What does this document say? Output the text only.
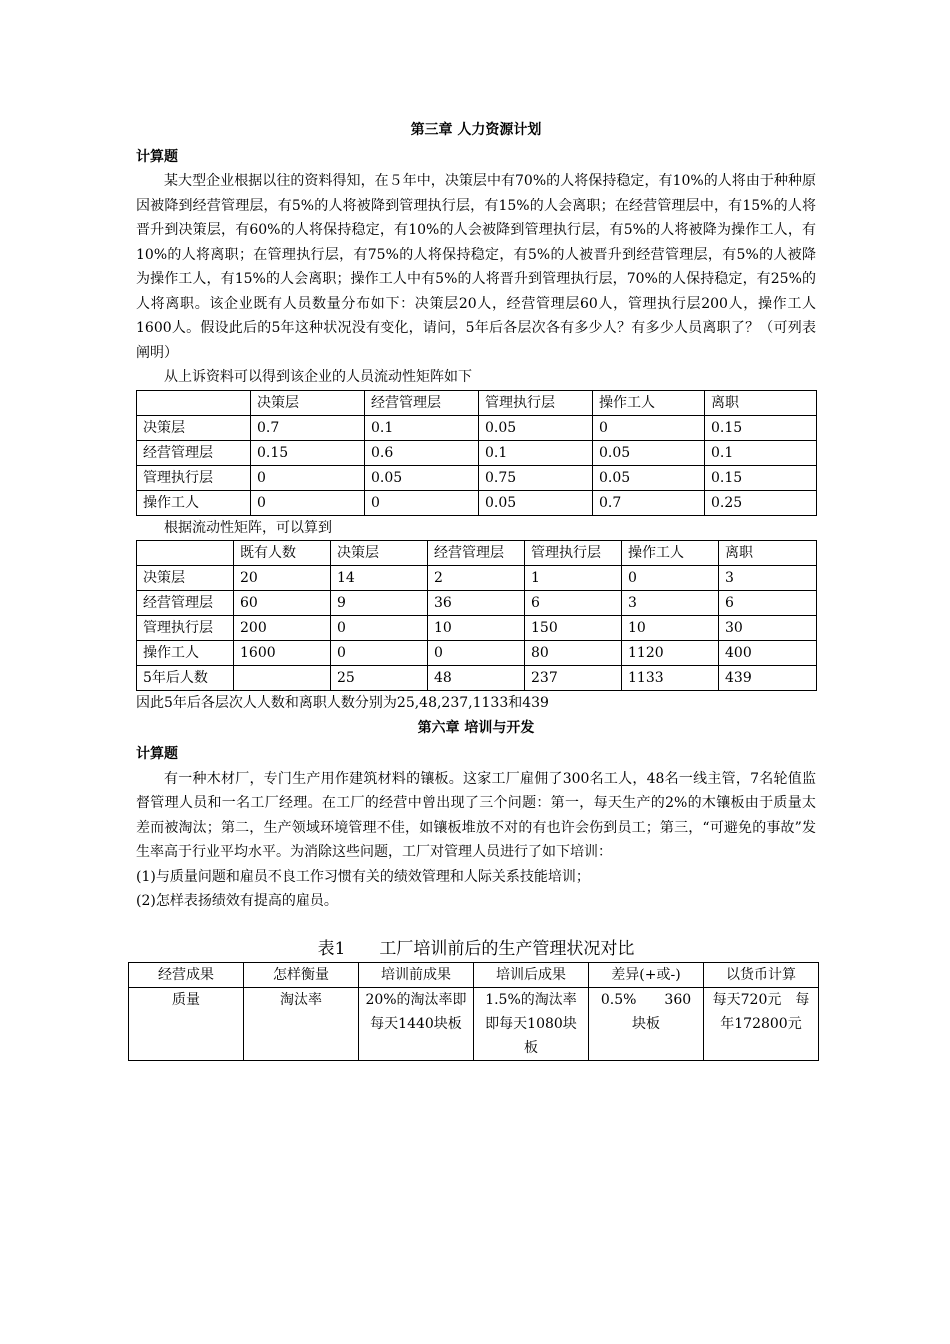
第三章 人力资源计划

计算题

某大型企业根据以往的资料得知，在５年中，决策层中有70%的人将保持稳定，有10%的人将由于种种原因被降到经营管理层，有5%的人将被降到管理执行层，有15%的人会离职；在经营管理层中，有15%的人将晋升到决策层，有60%的人将保持稳定，有10%的人会被降到管理执行层，有5%的人将被降为操作工人，有10%的人将离职；在管理执行层，有75%的人将保持稳定，有5%的人被晋升到经营管理层，有5%的人被降为操作工人，有15%的人会离职；操作工人中有5%的人将晋升到管理执行层，70%的人保持稳定，有25%的人将离职。该企业既有人员数量分布如下：决策层20人，经营管理层60人，管理执行层200人，操作工人1600人。假设此后的5年这种状况没有变化，请问，5年后各层次各有多少人？有多少人员离职了？（可列表阐明）

从上诉资料可以得到该企业的人员流动性矩阵如下

	决策层	经营管理层	管理执行层	操作工人	离职
决策层	0.7	0.1	0.05	0	0.15
经营管理层	0.15	0.6	0.1	0.05	0.1
管理执行层	0	0.05	0.75	0.05	0.15
操作工人	0	0	0.05	0.7	0.25

根据流动性矩阵，可以算到

	既有人数	决策层	经营管理层	管理执行层	操作工人	离职
决策层	20	14	2	1	0	3
经营管理层	60	9	36	6	3	6
管理执行层	200	0	10	150	10	30
操作工人	1600	0	0	80	1120	400
5年后人数		25	48	237	1133	439

因此5年后各层次人人数和离职人数分别为25,48,237,1133和439

第六章 培训与开发

计算题

有一种木材厂，专门生产用作建筑材料的镶板。这家工厂雇佣了300名工人，48名一线主管，7名轮值监督管理人员和一名工厂经理。在工厂的经营中曾出现了三个问题：第一，每天生产的2%的木镶板由于质量太差而被淘汰；第二，生产领域环境管理不佳，如镶板堆放不对的有也许会伤到员工；第三，“可避免的事故”发生率高于行业平均水平。为消除这些问题，工厂对管理人员进行了如下培训：

(1)与质量问题和雇员不良工作习惯有关的绩效管理和人际关系技能培训；

(2)怎样表扬绩效有提高的雇员。

表1　　工厂培训前后的生产管理状况对比

经营成果	怎样衡量	培训前成果	培训后成果	差异(+或-)	以货币计算
质量	淘汰率	20%的淘汰率即每天1440块板	1.5%的淘汰率即每天1080块板	0.5%　　360块板	每天720元　每年172800元
